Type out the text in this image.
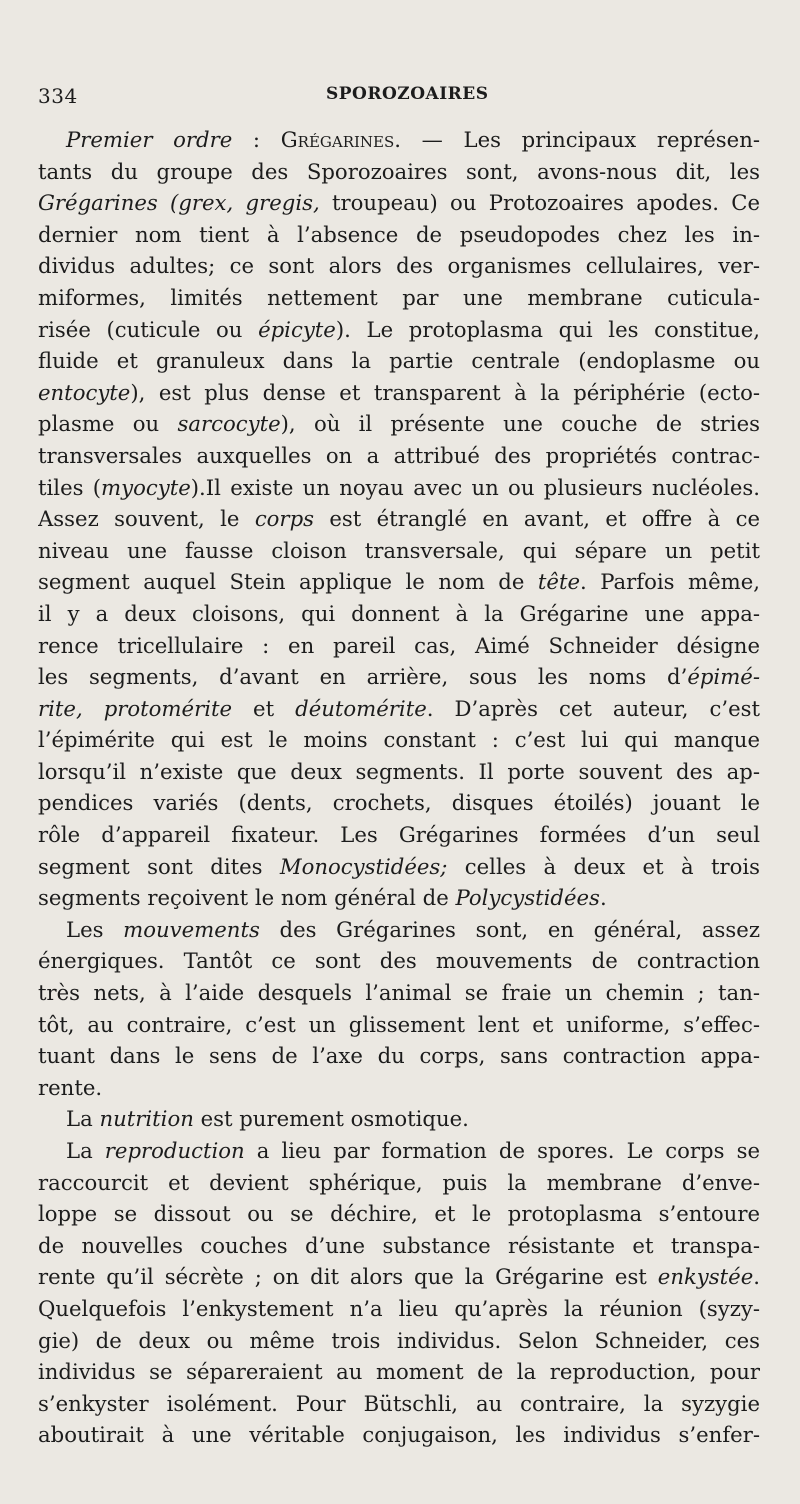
334	SPOROZOAIRES
Premier ordre : Grégarines. — Les principaux représen-
tants du groupe des Sporozoaires sont, avons-nous dit, les
Grégarines (grex, gregis, troupeau) ou Protozoaires apodes. Ce
dernier nom tient à l’absence de pseudopodes chez les in-
dividus adultes; ce sont alors des organismes cellulaires, ver-
miformes, limités nettement par une membrane cuticula-
risée (cuticule ou épicyte). Le protoplasma qui les constitue,
fluide et granuleux dans la partie centrale (endoplasme ou
entocyte), est plus dense et transparent à la périphérie (ecto-
plasme ou sarcocyte), où il présente une couche de stries
transversales auxquelles on a attribué des propriétés contrac-
tiles (myocyte).Il existe un noyau avec un ou plusieurs nucléoles.
Assez souvent, le corps est étranglé en avant, et offre à ce
niveau une fausse cloison transversale, qui sépare un petit
segment auquel Stein applique le nom de tête. Parfois même,
il y a deux cloisons, qui donnent à la Grégarine une appa-
rence tricellulaire : en pareil cas, Aimé Schneider désigne
les segments, d’avant en arrière, sous les noms d’épimé-
rite, protomérite et déutomérite. D’après cet auteur, c’est
l’épimérite qui est le moins constant : c’est lui qui manque
lorsqu’il n’existe que deux segments. Il porte souvent des ap-
pendices variés (dents, crochets, disques étoilés) jouant le
rôle d’appareil fixateur. Les Grégarines formées d’un seul
segment sont dites Monocystidées; celles à deux et à trois
segments reçoivent le nom général de Polycystidées.
Les mouvements des Grégarines sont, en général, assez
énergiques. Tantôt ce sont des mouvements de contraction
très nets, à l’aide desquels l’animal se fraie un chemin ; tan-
tôt, au contraire, c’est un glissement lent et uniforme, s’effec-
tuant dans le sens de l’axe du corps, sans contraction appa-
rente.
La nutrition est purement osmotique.
La reproduction a lieu par formation de spores. Le corps se
raccourcit et devient sphérique, puis la membrane d’enve-
loppe se dissout ou se déchire, et le protoplasma s’entoure
de nouvelles couches d’une substance résistante et transpa-
rente qu’il sécrète ; on dit alors que la Grégarine est enkystée.
Quelquefois l’enkystement n’a lieu qu’après la réunion (syzy-
gie) de deux ou même trois individus. Selon Schneider, ces
individus se sépareraient au moment de la reproduction, pour
s’enkyster isolément. Pour Bütschli, au contraire, la syzygie
aboutirait à une véritable conjugaison, les individus s’enfer-
